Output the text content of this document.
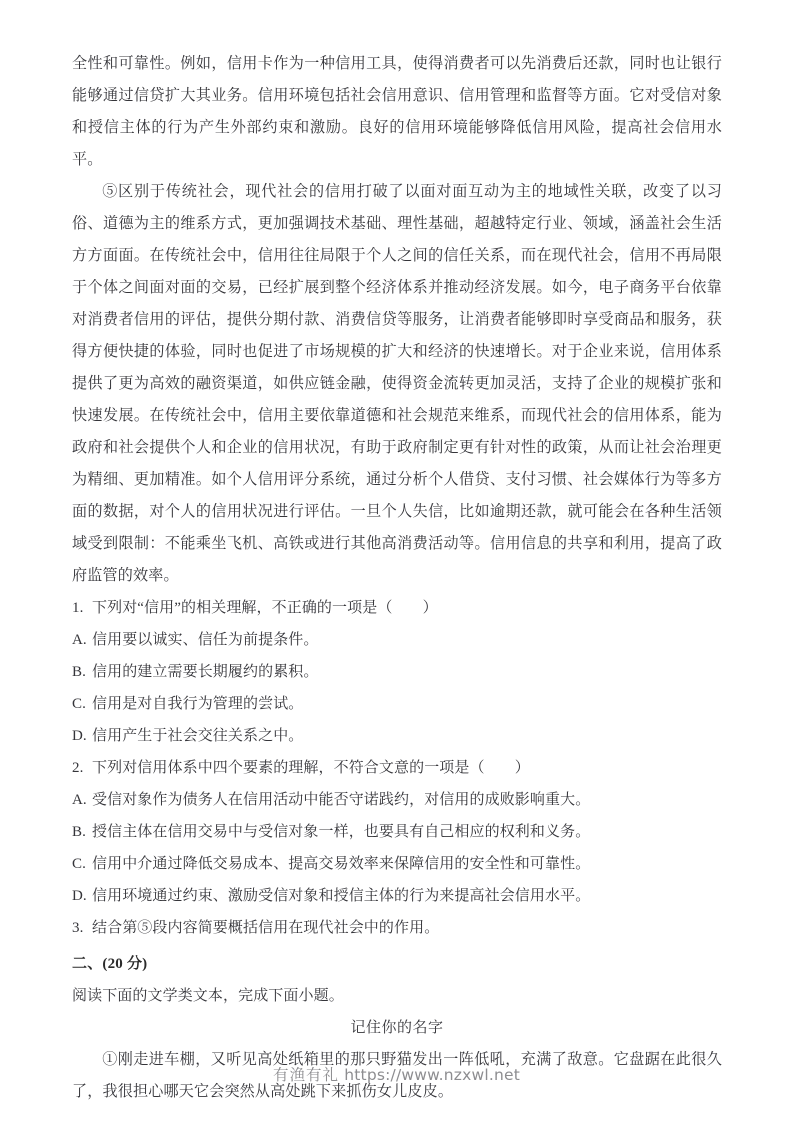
全性和可靠性。例如，信用卡作为一种信用工具，使得消费者可以先消费后还款，同时也让银行能够通过信贷扩大其业务。信用环境包括社会信用意识、信用管理和监督等方面。它对受信对象和授信主体的行为产生外部约束和激励。良好的信用环境能够降低信用风险，提高社会信用水平。

⑤区别于传统社会，现代社会的信用打破了以面对面互动为主的地域性关联，改变了以习俗、道德为主的维系方式，更加强调技术基础、理性基础，超越特定行业、领域，涵盖社会生活方方面面。在传统社会中，信用往往局限于个人之间的信任关系，而在现代社会，信用不再局限于个体之间面对面的交易，已经扩展到整个经济体系并推动经济发展。如今，电子商务平台依靠对消费者信用的评估，提供分期付款、消费信贷等服务，让消费者能够即时享受商品和服务，获得方便快捷的体验，同时也促进了市场规模的扩大和经济的快速增长。对于企业来说，信用体系提供了更为高效的融资渠道，如供应链金融，使得资金流转更加灵活，支持了企业的规模扩张和快速发展。在传统社会中，信用主要依靠道德和社会规范来维系，而现代社会的信用体系，能为政府和社会提供个人和企业的信用状况，有助于政府制定更有针对性的政策，从而让社会治理更为精细、更加精准。如个人信用评分系统，通过分析个人借贷、支付习惯、社会媒体行为等多方面的数据，对个人的信用状况进行评估。一旦个人失信，比如逾期还款，就可能会在各种生活领域受到限制：不能乘坐飞机、高铁或进行其他高消费活动等。信用信息的共享和利用，提高了政府监管的效率。

1. 下列对“信用”的相关理解，不正确的一项是（　　）

A. 信用要以诚实、信任为前提条件。

B. 信用的建立需要长期履约的累积。

C. 信用是对自我行为管理的尝试。

D. 信用产生于社会交往关系之中。

2. 下列对信用体系中四个要素的理解，不符合文意的一项是（　　）

A. 受信对象作为债务人在信用活动中能否守诺践约，对信用的成败影响重大。

B. 授信主体在信用交易中与受信对象一样，也要具有自己相应的权利和义务。

C. 信用中介通过降低交易成本、提高交易效率来保障信用的安全性和可靠性。

D. 信用环境通过约束、激励受信对象和授信主体的行为来提高社会信用水平。

3. 结合第⑤段内容简要概括信用在现代社会中的作用。

二、(20 分)

阅读下面的文学类文本，完成下面小题。

记住你的名字

①刚走进车棚，又听见高处纸箱里的那只野猫发出一阵低吼，充满了敌意。它盘踞在此很久了，我很担心哪天它会突然从高处跳下来抓伤女儿皮皮。

有渔有礼 https://www.nzxwl.net
